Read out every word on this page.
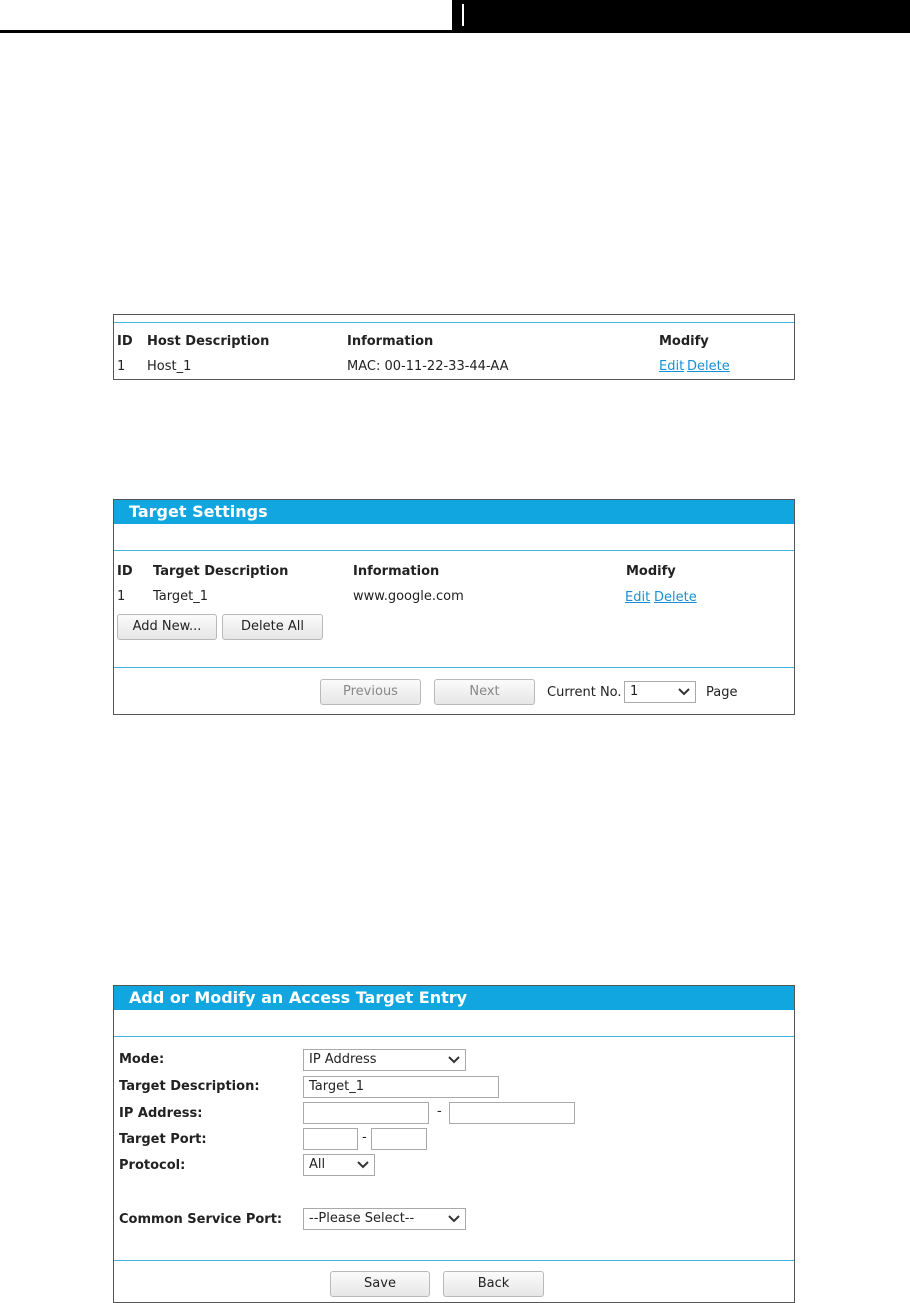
ID Host Description	Information	Modify
1 Host_1	MAC: 00-11-22-33-44-AA	Edit Delete
Target Settings
ID Target Description	Information	Modify
1 Target_1	www.google.com	Edit Delete
Add New...	Delete All
Previous	Next	Current No. 1	Page
Add or Modify an Access Target Entry
Mode:	IP Address
Target Description:	Target_1
IP Address:	-
Target Port:	-
Protocol:	All
Common Service Port:	--Please Select--
Save	Back
